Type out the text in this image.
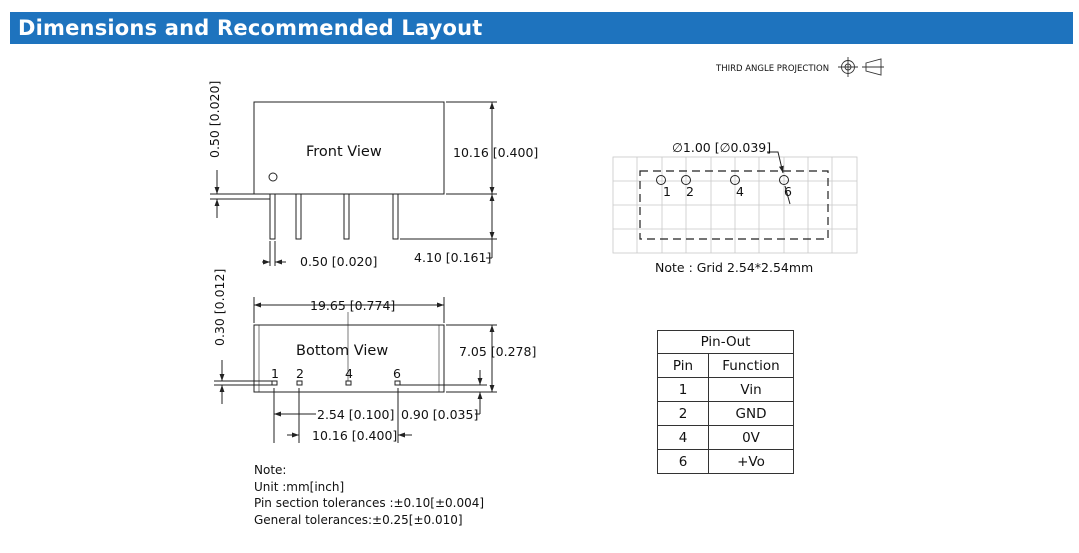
Dimensions and Recommended Layout
THIRD ANGLE PROJECTION
Front View	10.16 [0.400]
4.10 [0.161]
0.50 [0.020]
0.50 [0.020]
Bottom View
19.65 [0.774]
7.05 [0.278]
0.30 [0.012]
2.54 [0.100] 0.90 [0.035]
10.16 [0.400]
1 2	4	6
∅1.00 [∅0.039]
1 2	4	6
Note : Grid 2.54*2.54mm
Pin-Out	
Pin	Function
1	Vin
2	GND
4	0V
6	+Vo
Note:
Unit :mm[inch]
Pin section tolerances :±0.10[±0.004]
General tolerances:±0.25[±0.010]
